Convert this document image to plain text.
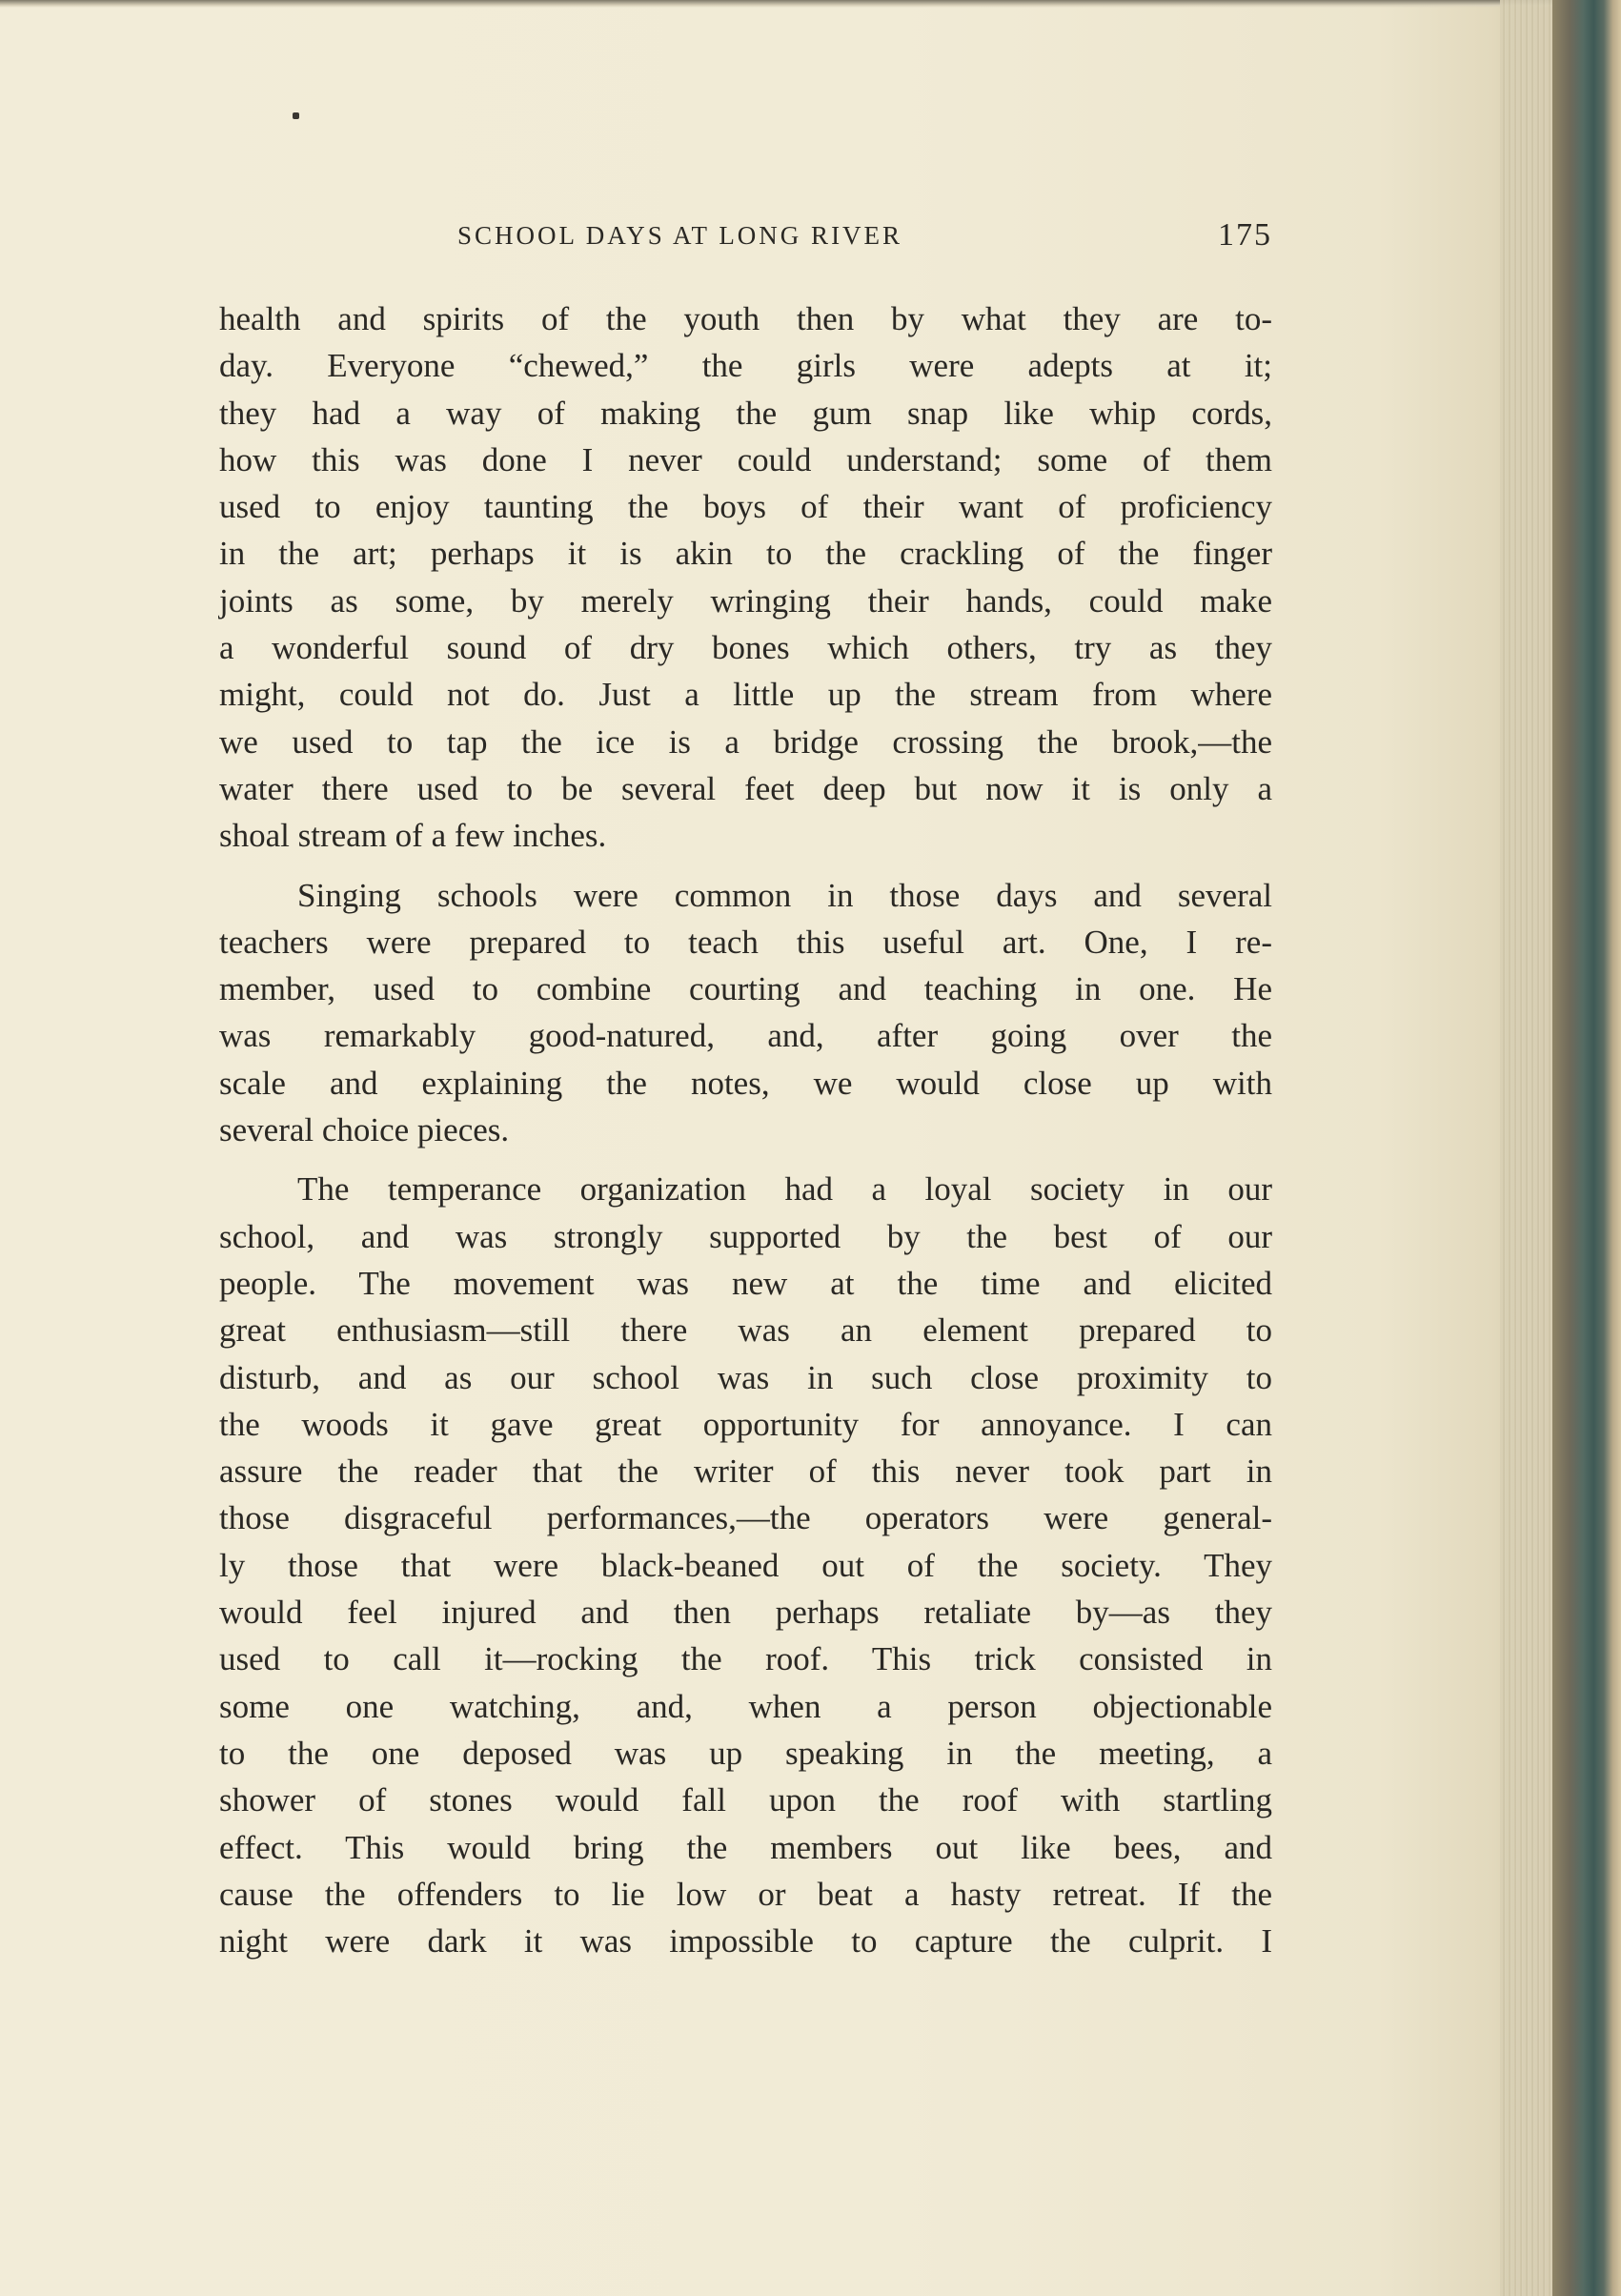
SCHOOL DAYS AT LONG RIVER	175
health and spirits of the youth then by what they are to-
day. Everyone “chewed,” the girls were adepts at it;
they had a way of making the gum snap like whip cords,
how this was done I never could understand; some of them
used to enjoy taunting the boys of their want of proficiency
in the art; perhaps it is akin to the crackling of the finger
joints as some, by merely wringing their hands, could make
a wonderful sound of dry bones which others, try as they
might, could not do. Just a little up the stream from where
we used to tap the ice is a bridge crossing the brook,—the
water there used to be several feet deep but now it is only a
shoal stream of a few inches.
Singing schools were common in those days and several
teachers were prepared to teach this useful art. One, I re-
member, used to combine courting and teaching in one. He
was remarkably good-natured, and, after going over the
scale and explaining the notes, we would close up with
several choice pieces.
The temperance organization had a loyal society in our
school, and was strongly supported by the best of our
people. The movement was new at the time and elicited
great enthusiasm—still there was an element prepared to
disturb, and as our school was in such close proximity to
the woods it gave great opportunity for annoyance. I can
assure the reader that the writer of this never took part in
those disgraceful performances,—the operators were general-
ly those that were black-beaned out of the society. They
would feel injured and then perhaps retaliate by—as they
used to call it—rocking the roof. This trick consisted in
some one watching, and, when a person objectionable
to the one deposed was up speaking in the meeting, a
shower of stones would fall upon the roof with startling
effect. This would bring the members out like bees, and
cause the offenders to lie low or beat a hasty retreat. If the
night were dark it was impossible to capture the culprit. I
